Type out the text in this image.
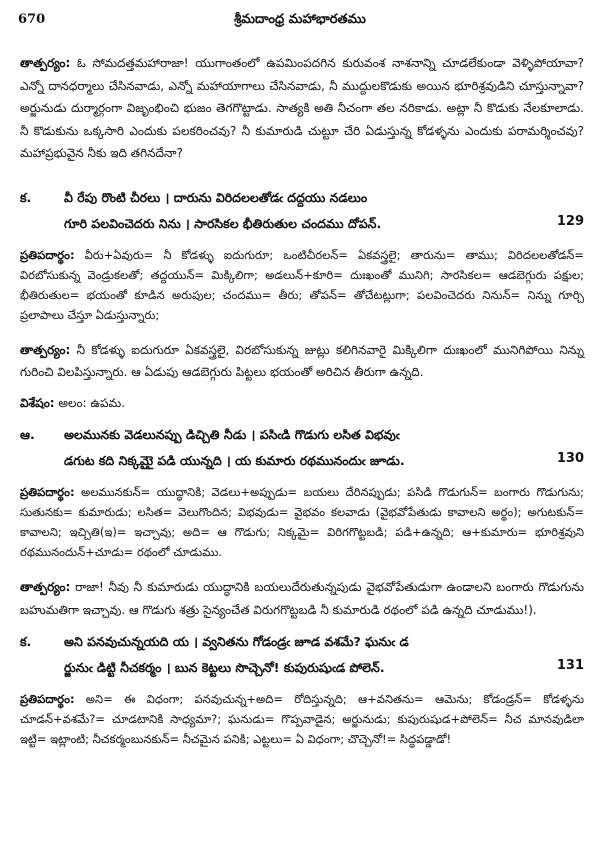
670	శ్రీమదాంధ్ర మహాభారతము

తాత్పర్యం: ఓ సోమదత్తమహారాజా! యుగాంతంలో ఉపమింపదగిన కురువంశ నాశనాన్ని చూడలేకుండా వెళ్ళిపోయావా? ఎన్నో దానధర్మాలు చేసినవాడు, ఎన్నో మహాయాగాలు చేసినవాడు, నీ ముద్దులకొడుకు అయిన భూరిశ్రవుడిని చూస్తున్నావా? అర్జునుడు దుర్మార్గంగా విజృంభించి భుజం తెగగొట్టాడు. సాత్యకి అతి నీచంగా తల నరికాడు. అట్లా నీ కొడుకు నేలకూలాడు. నీ కొడుకును ఒక్కసారి ఎందుకు పలకరించవు? నీ కుమారుడి చుట్టూ చేరి ఏడుస్తున్న కోడళ్ళను ఎందుకు పరామర్శించవు? మహాప్రభువైన నీకు ఇది తగినదేనా?

క.	వీ రేపు రొంటి చీరలు । దారును విరిదలలతోడఁ దద్దయు నడలుం

గూరి పలవించెదరు నిను । సారసికల భీతిరుతుల చందము దోపన్.	129

ప్రతిపదార్థం: వీరు+ఏవురు= నీ కోడళ్ళు ఐదుగురూ; ఒంటిచీరలన్= ఏకవస్త్రలై; తారును= తాము; విరిదలలతోడన్= విరబోసుకున్న వెండ్రుకలతో; తద్దయున్= మిక్కిలిగా; అడలున్+కూరి= దుఃఖంతో మునిగి; సారసికల= ఆడబెగ్గురు పక్షుల; భీతిరుతుల= భయంతో కూడిన అరుపుల; చందము= తీరు; తోపన్= తోచేటట్లుగా; పలవించెదరు నినున్= నిన్ను గూర్చి ప్రలాపాలు చేస్తూ ఏడుస్తున్నారు;

తాత్పర్యం: నీ కోడళ్ళు ఐదుగురూ ఏకవస్త్రలై, విరబోసుకున్న జుట్లు కలిగినవారై మిక్కిలిగా దుఃఖంలో మునిగిపోయి నిన్ను గురించి విలపిస్తున్నారు. ఆ ఏడుపు ఆడబెగ్గురు పిట్టలు భయంతో అరిచిన తీరుగా ఉన్నది.

విశేషం: అలం: ఉపమ.

ఆ.	అలమునకు వెడలునప్పు డిచ్చితి నీడు । పసిఁడి గొడుగు లసిత విభవుఁ

డగుట కది నిక్కమైై పడి యున్నది । య కుమారు రథమునందుఁ జూడు.	130

ప్రతిపదార్థం: అలమునకున్= యుద్ధానికి; వెడలు+అప్పుడు= బయలు దేరినప్పుడు; పసిడి గొడుగున్= బంగారు గొడుగును; సుతునకు= కుమారుడు; లసిత= వెలుగొందిన; విభవుడు= వైభవం కలవాడు (వైభవోపేతుడు కావాలని అర్థం); అగుటకున్= కావాలని; ఇచ్చితి(ఇ)= ఇచ్చావు; అది= ఆ గొడుగు; నిక్కమై= విరిగగొట్టబడి; పడి+ఉన్నది; ఆ+కుమారు= భూరిశ్రవుని రథమునందున్+చూడు= రథంలో చూడుము.

తాత్పర్యం: రాజా! నీవు నీ కుమారుడు యుద్ధానికి బయలుదేరుతున్నపుడు వైభవోపేతుడుగా ఉండాలని బంగారు గొడుగును బహుమతిగా ఇచ్చావు. ఆ గొడుగు శత్రు సైన్యంచేత విరుగగొట్టబడి నీ కుమారుడి రథంలో పడి ఉన్నది చూడుము!).

క.	అని పనవుచున్నయది య । వ్వనితను గోడండ్రఁ జూడ వశమే? ఘనుఁ డ

ర్జునుఁ డిట్టి నీచకర్మం । బున కెట్టలు సొచ్చెనో! కుపురుషుఁడ పోలెన్.	131

ప్రతిపదార్థం: అని= ఈ విధంగా; పనవుచున్న+అది= రోదిస్తున్నది; ఆ+వనితను= ఆమెను; కోడండ్రన్= కోడళ్ళను చూడన్+వశమే?= చూడటానికి సాధ్యమా?; ఘనుడు= గొప్పవాడైన; అర్జునుడు; కుపురుషుడ+పోలెన్= నీచ మానవుడిలా ఇట్టి= ఇట్లాంటి; నీచకర్మంబునకున్= నీచమైన పనికి; ఎట్టలు= ఏ విధంగా; చొచ్చెనో!= సిద్ధపడ్డాడో!
